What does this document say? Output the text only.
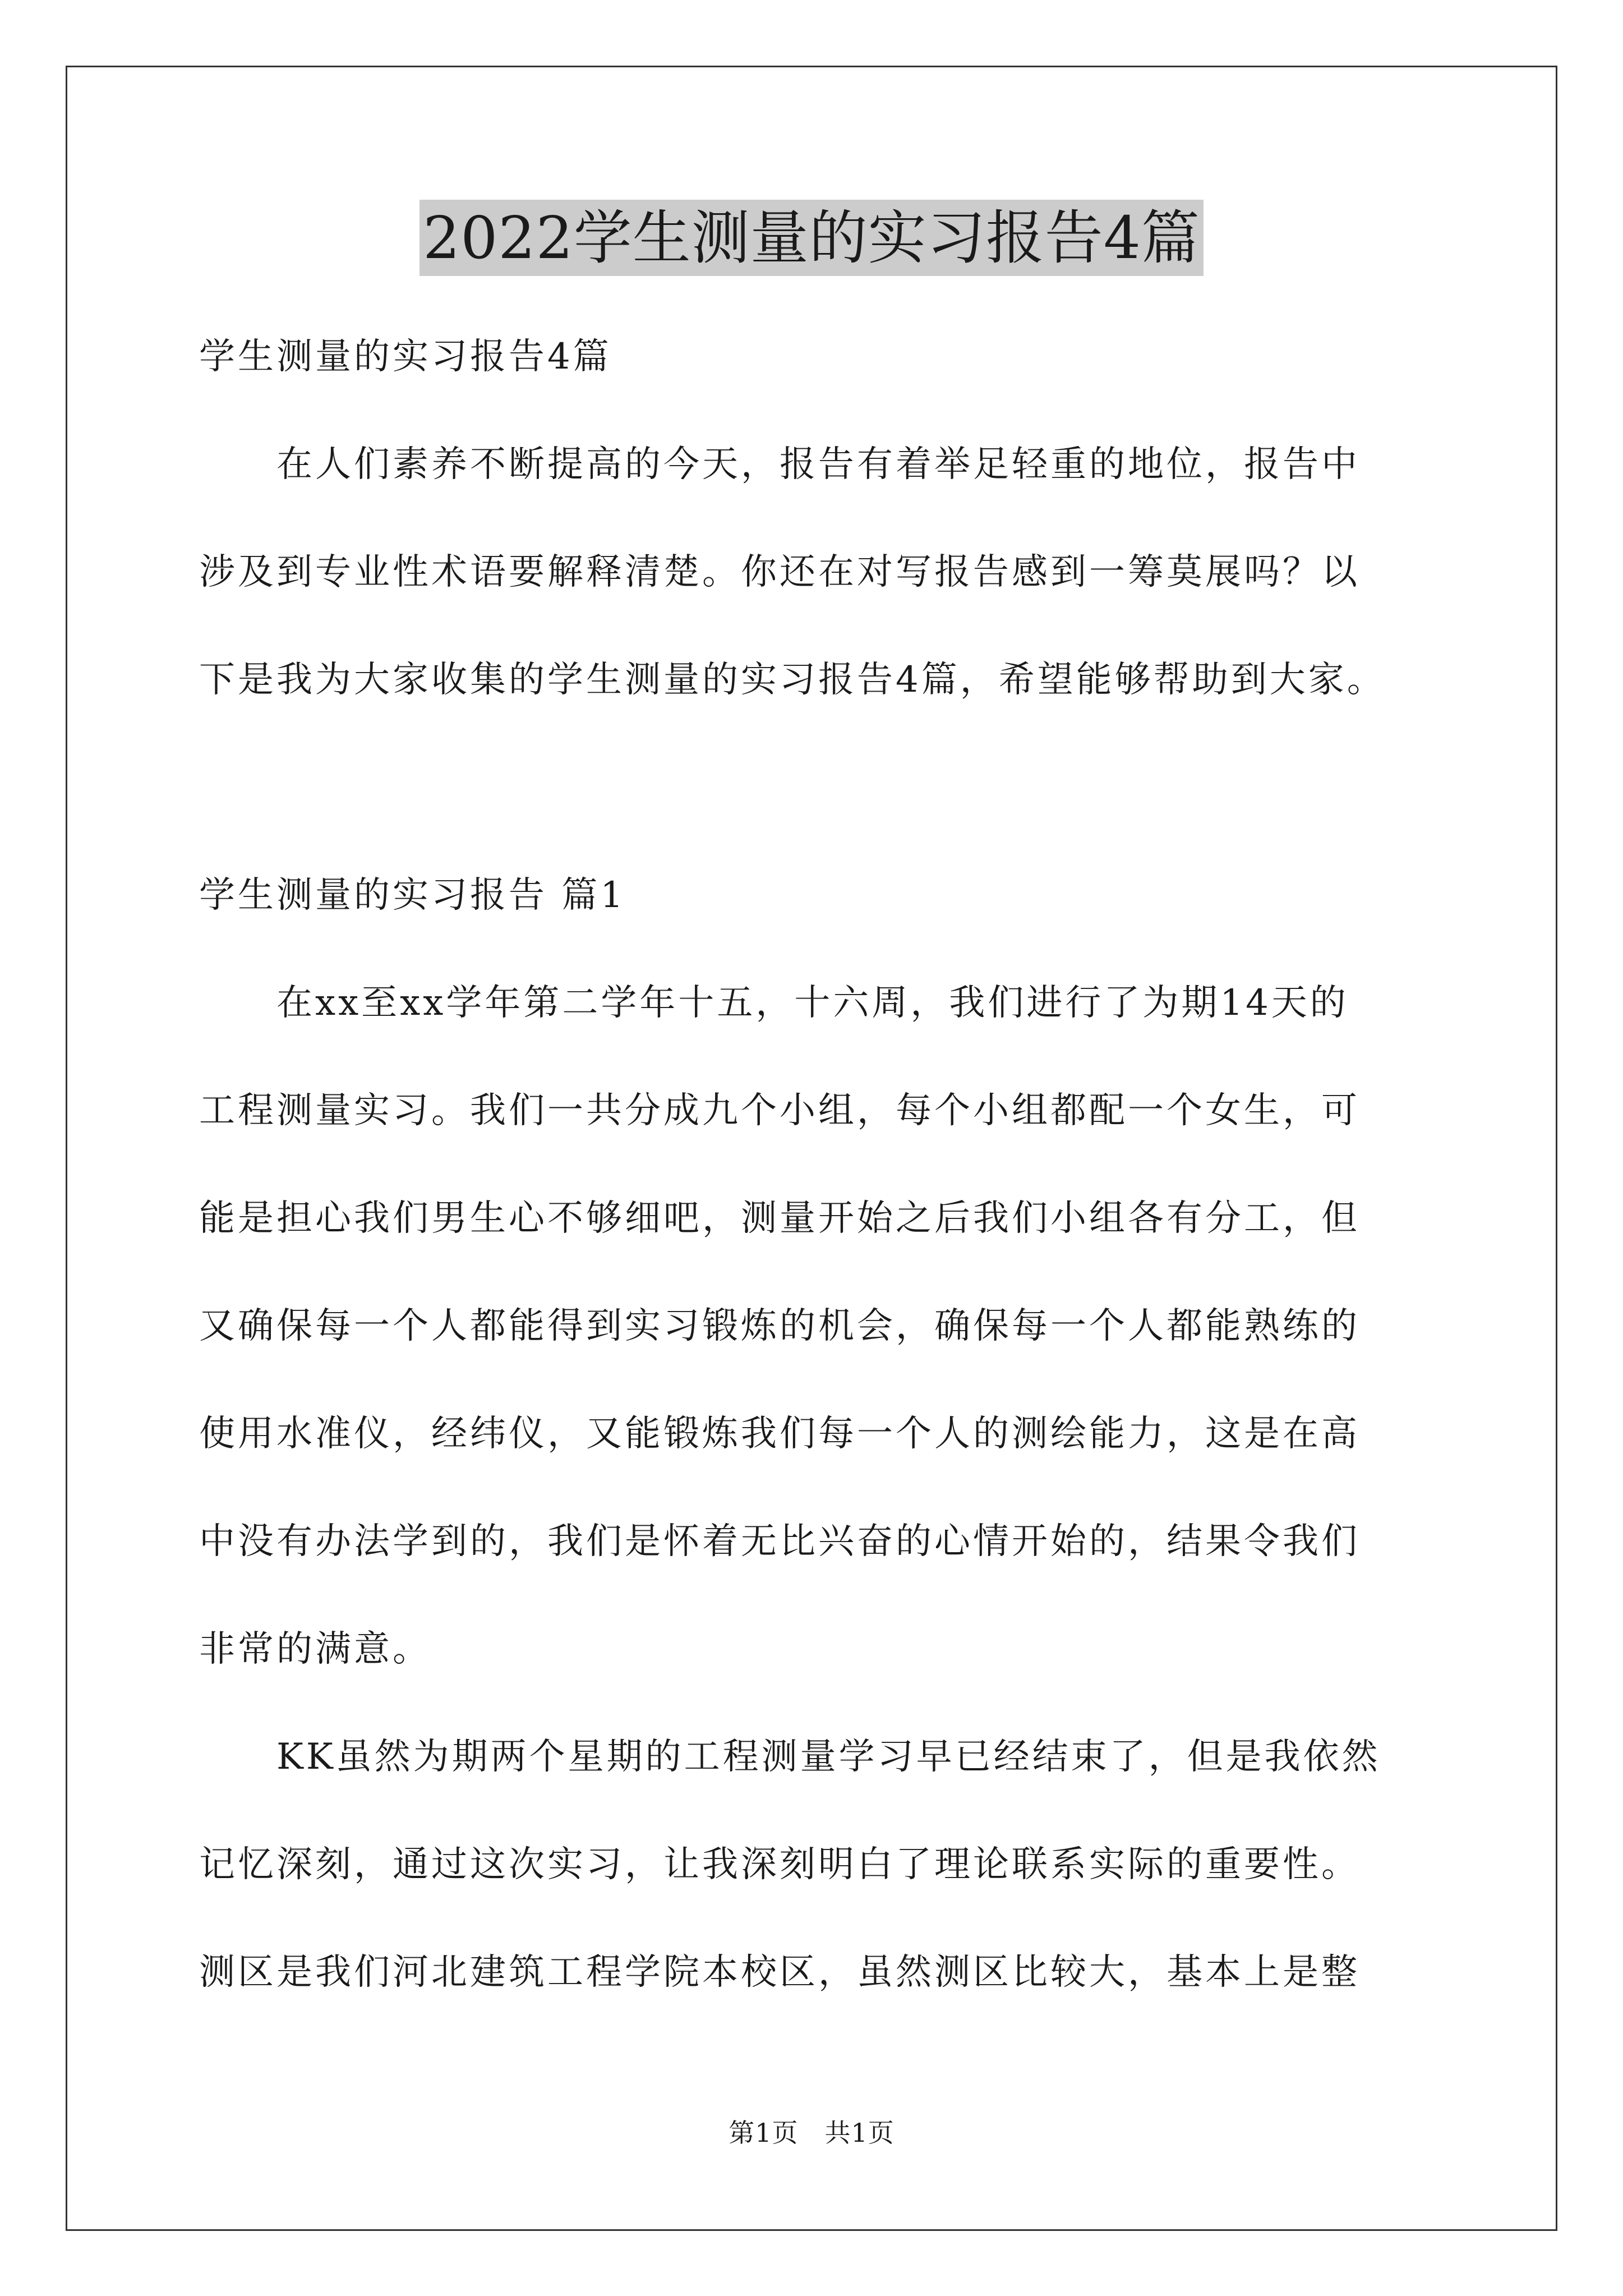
2022学生测量的实习报告4篇
学生测量的实习报告4篇
在人们素养不断提高的今天，报告有着举足轻重的地位，报告中
涉及到专业性术语要解释清楚。你还在对写报告感到一筹莫展吗？以
下是我为大家收集的学生测量的实习报告4篇，希望能够帮助到大家。
学生测量的实习报告 篇1
在xx至xx学年第二学年十五，十六周，我们进行了为期14天的
工程测量实习。我们一共分成九个小组，每个小组都配一个女生，可
能是担心我们男生心不够细吧，测量开始之后我们小组各有分工，但
又确保每一个人都能得到实习锻炼的机会，确保每一个人都能熟练的
使用水准仪，经纬仪，又能锻炼我们每一个人的测绘能力，这是在高
中没有办法学到的，我们是怀着无比兴奋的心情开始的，结果令我们
非常的满意。
KK虽然为期两个星期的工程测量学习早已经结束了，但是我依然
记忆深刻，通过这次实习，让我深刻明白了理论联系实际的重要性。
测区是我们河北建筑工程学院本校区，虽然测区比较大，基本上是整
第1页　共1页
